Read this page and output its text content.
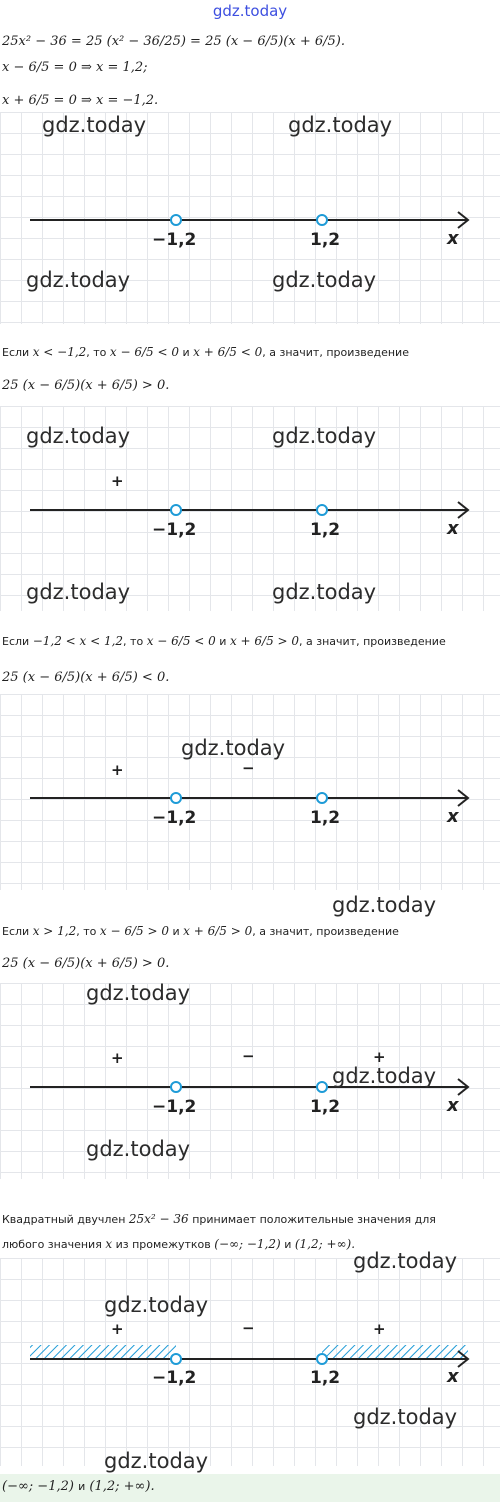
gdz.today
25x² − 36 = 25 (x² − 36/25) = 25 (x − 6/5)(x + 6/5).
x − 6/5 = 0 ⇒ x = 1,2;
x + 6/5 = 0 ⇒ x = −1,2.
−1,2	1,2	x
Если x < −1,2, то x − 6/5 < 0 и x + 6/5 < 0, а значит, произведение
25 (x − 6/5)(x + 6/5) > 0.
+
−1,2	1,2	x
Если −1,2 < x < 1,2, то x − 6/5 < 0 и x + 6/5 > 0, а значит, произведение
25 (x − 6/5)(x + 6/5) < 0.
+	−
−1,2	1,2	x
Если x > 1,2, то x − 6/5 > 0 и x + 6/5 > 0, а значит, произведение
25 (x − 6/5)(x + 6/5) > 0.
+	−	+
−1,2	1,2	x
Квадратный двучлен 25x² − 36 принимает положительные значения для
любого значения x из промежутков (−∞; −1,2) и (1,2; +∞).
+	−	+
−1,2	1,2	x
(−∞; −1,2) и (1,2; +∞).
gdz.today	gdz.today
gdz.today	gdz.today
gdz.today	gdz.today
gdz.today	gdz.today
gdz.today
gdz.today
gdz.today
gdz.today
gdz.today
gdz.today
gdz.today
gdz.today
gdz.today
